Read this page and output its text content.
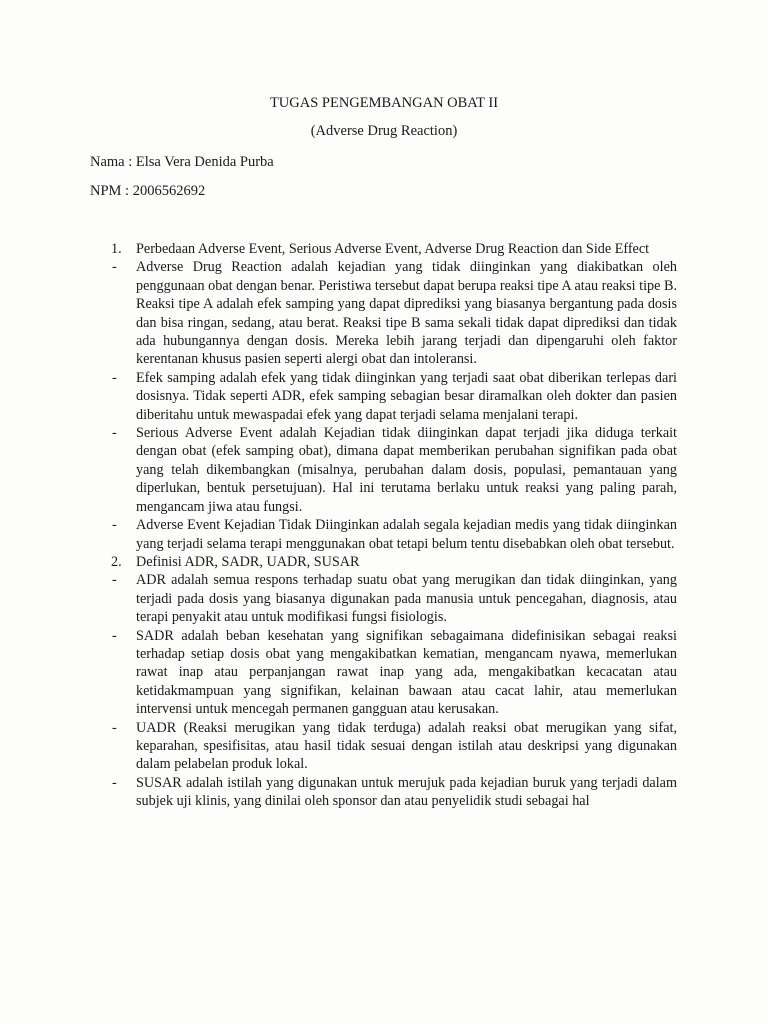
TUGAS PENGEMBANGAN OBAT II
(Adverse Drug Reaction)
Nama : Elsa Vera Denida Purba
NPM : 2006562692
1. Perbedaan Adverse Event, Serious Adverse Event, Adverse Drug Reaction dan Side Effect

- Adverse Drug Reaction adalah kejadian yang tidak diinginkan yang diakibatkan oleh penggunaan obat dengan benar. Peristiwa tersebut dapat berupa reaksi tipe A atau reaksi tipe B. Reaksi tipe A adalah efek samping yang dapat diprediksi yang biasanya bergantung pada dosis dan bisa ringan, sedang, atau berat. Reaksi tipe B sama sekali tidak dapat diprediksi dan tidak ada hubungannya dengan dosis. Mereka lebih jarang terjadi dan dipengaruhi oleh faktor kerentanan khusus pasien seperti alergi obat dan intoleransi.

- Efek samping adalah efek yang tidak diinginkan yang terjadi saat obat diberikan terlepas dari dosisnya. Tidak seperti ADR, efek samping sebagian besar diramalkan oleh dokter dan pasien diberitahu untuk mewaspadai efek yang dapat terjadi selama menjalani terapi.

- Serious Adverse Event adalah Kejadian tidak diinginkan dapat terjadi jika diduga terkait dengan obat (efek samping obat), dimana dapat memberikan perubahan signifikan pada obat yang telah dikembangkan (misalnya, perubahan dalam dosis, populasi, pemantauan yang diperlukan, bentuk persetujuan). Hal ini terutama berlaku untuk reaksi yang paling parah, mengancam jiwa atau fungsi.

- Adverse Event Kejadian Tidak Diinginkan adalah segala kejadian medis yang tidak diinginkan yang terjadi selama terapi menggunakan obat tetapi belum tentu disebabkan oleh obat tersebut.

2. Definisi ADR, SADR, UADR, SUSAR

- ADR adalah semua respons terhadap suatu obat yang merugikan dan tidak diinginkan, yang terjadi pada dosis yang biasanya digunakan pada manusia untuk pencegahan, diagnosis, atau terapi penyakit atau untuk modifikasi fungsi fisiologis.

- SADR adalah beban kesehatan yang signifikan sebagaimana didefinisikan sebagai reaksi terhadap setiap dosis obat yang mengakibatkan kematian, mengancam nyawa, memerlukan rawat inap atau perpanjangan rawat inap yang ada, mengakibatkan kecacatan atau ketidakmampuan yang signifikan, kelainan bawaan atau cacat lahir, atau memerlukan intervensi untuk mencegah permanen gangguan atau kerusakan.

- UADR (Reaksi merugikan yang tidak terduga) adalah reaksi obat merugikan yang sifat, keparahan, spesifisitas, atau hasil tidak sesuai dengan istilah atau deskripsi yang digunakan dalam pelabelan produk lokal.

- SUSAR adalah istilah yang digunakan untuk merujuk pada kejadian buruk yang terjadi dalam subjek uji klinis, yang dinilai oleh sponsor dan atau penyelidik studi sebagai hal
